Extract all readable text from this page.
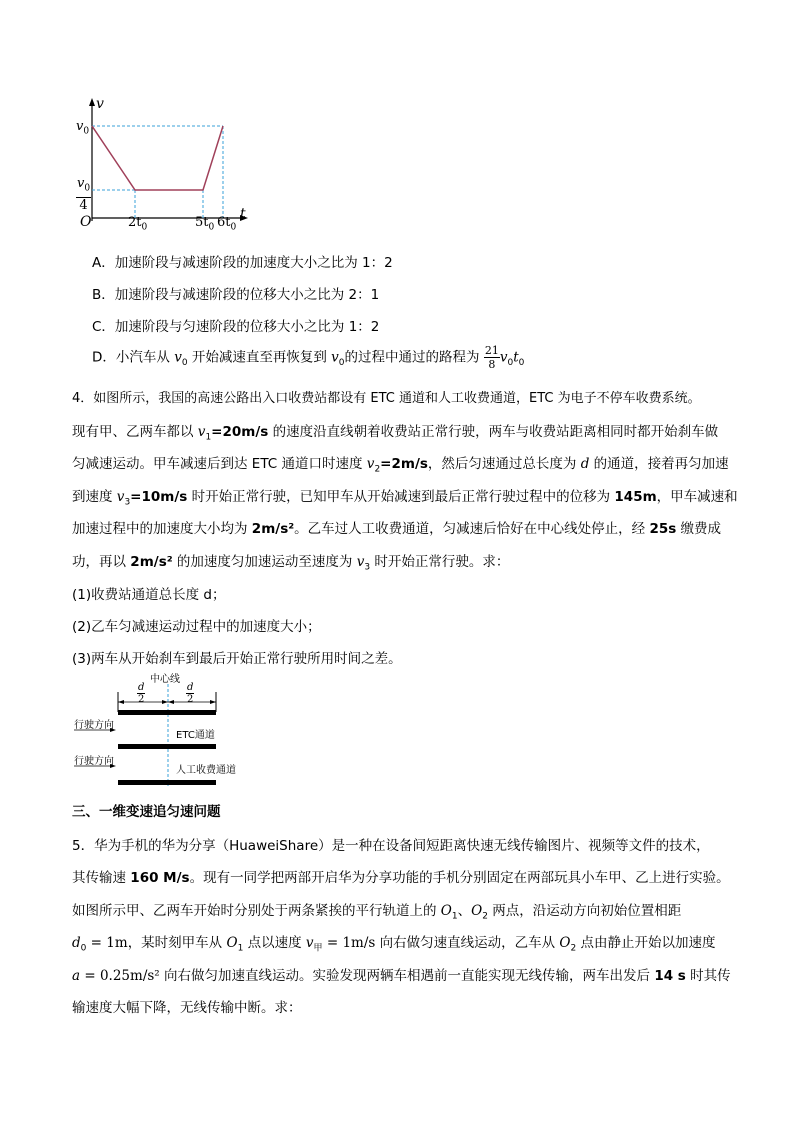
v
$v_0$
$\frac{v_0}{4}$
O	t
$2t_0$	$5t_0$ $6t_0$
A．加速阶段与减速阶段的加速度大小之比为 1：2
B．加速阶段与减速阶段的位移大小之比为 2：1
C．加速阶段与匀速阶段的位移大小之比为 1：2
D．小汽车从 $v_0$ 开始减速直至再恢复到 $v_0$的过程中通过的路程为 $\frac{21}{8} v_0t_0$
4．如图所示，我国的高速公路出入口收费站都设有 ETC 通道和人工收费通道，ETC 为电子不停车收费系统。
现有甲、乙两车都以 $v_1=20m/s$ 的速度沿直线朝着收费站正常行驶，两车与收费站距离相同时都开始刹车做
匀减速运动。甲车减速后到达 ETC 通道口时速度 $v_2=2m/s$，然后匀速通过总长度为 d 的通道，接着再匀加速
到速度 $v_3=10m/s$ 时开始正常行驶，已知甲车从开始减速到最后正常行驶过程中的位移为 145m，甲车减速和
加速过程中的加速度大小均为 2m/s²。乙车过人工收费通道，匀减速后恰好在中心线处停止，经 25s 缴费成
功，再以 2m/s² 的加速度匀加速运动至速度为 $v_3$ 时开始正常行驶。求：
(1)收费站通道总长度 d；
(2)乙车匀减速运动过程中的加速度大小；
(3)两车从开始刹车到最后开始正常行驶所用时间之差。
中心线
$\frac{d}{2}$	$\frac{d}{2}$
行驶方向
ETC通道
行驶方向
人工收费通道
三、一维变速追匀速问题
5．华为手机的华为分享（HuaweiShare）是一种在设备间短距离快速无线传输图片、视频等文件的技术，
其传输速 160 M/s。现有一同学把两部开启华为分享功能的手机分别固定在两部玩具小车甲、乙上进行实验。
如图所示甲、乙两车开始时分别处于两条紧挨的平行轨道上的 $O_1$、$O_2$ 两点，沿运动方向初始位置相距
$d_0 = 1m$，某时刻甲车从 $O_1$ 点以速度 $v_甲 = 1m/s$ 向右做匀速直线运动，乙车从 $O_2$ 点由静止开始以加速度
a = 0.25m/s² 向右做匀加速直线运动。实验发现两辆车相遇前一直能实现无线传输，两车出发后 14 s 时其传
输速度大幅下降，无线传输中断。求：
